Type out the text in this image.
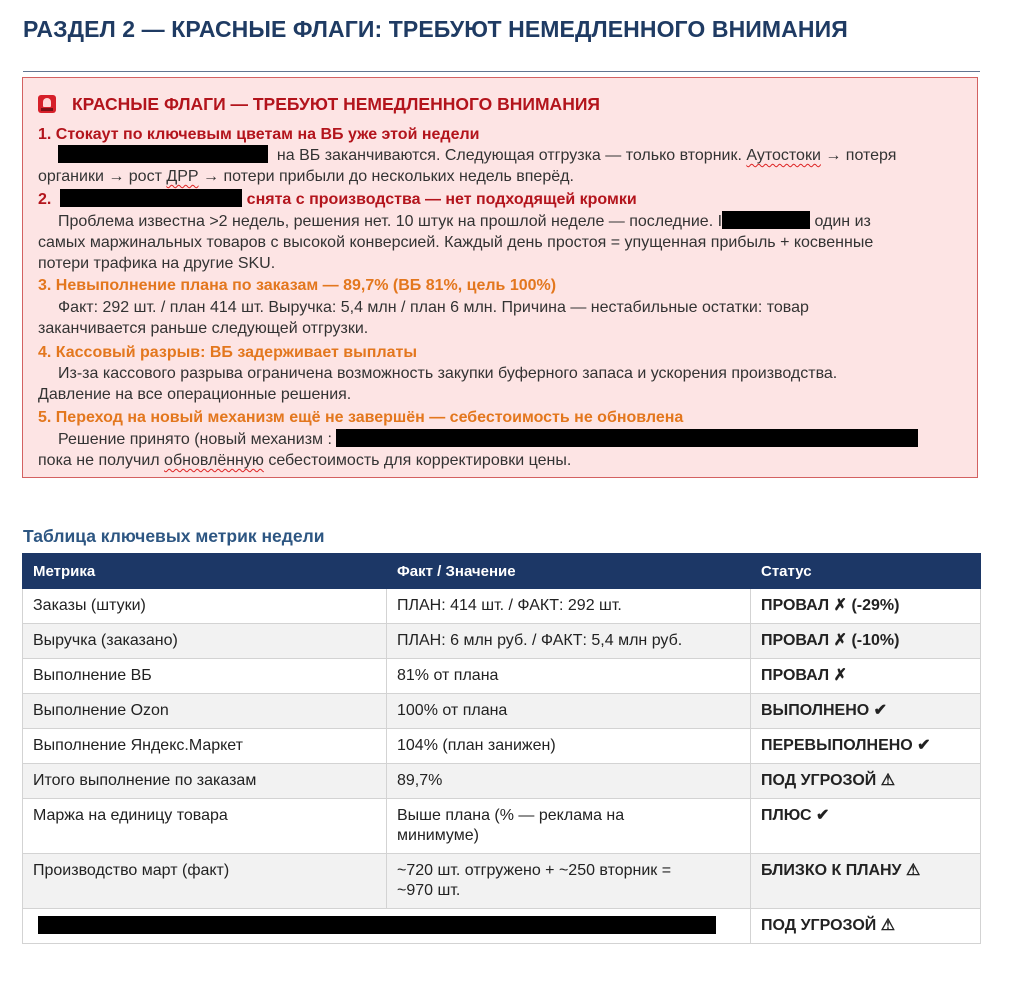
РАЗДЕЛ 2 — КРАСНЫЕ ФЛАГИ: ТРЕБУЮТ НЕМЕДЛЕННОГО ВНИМАНИЯ
КРАСНЫЕ ФЛАГИ — ТРЕБУЮТ НЕМЕДЛЕННОГО ВНИМАНИЯ
1. Стокаут по ключевым цветам на ВБ уже этой недели
на ВБ заканчиваются. Следующая отгрузка — только вторник. Аутостоки → потеря
органики → рост ДРР → потери прибыли до нескольких недель вперёд.
2.	снята с производства — нет подходящей кромки
Проблема известна >2 недель, решения нет. 10 штук на прошлой неделе — последние. I	один из
самых маржинальных товаров с высокой конверсией. Каждый день простоя = упущенная прибыль + косвенные
потери трафика на другие SKU.
3. Невыполнение плана по заказам — 89,7% (ВБ 81%, цель 100%)
Факт: 292 шт. / план 414 шт. Выручка: 5,4 млн / план 6 млн. Причина — нестабильные остатки: товар
заканчивается раньше следующей отгрузки.
4. Кассовый разрыв: ВБ задерживает выплаты
Из-за кассового разрыва ограничена возможность закупки буферного запаса и ускорения производства.
Давление на все операционные решения.
5. Переход на новый механизм ещё не завершён — себестоимость не обновлена
Решение принято (новый механизм :
пока не получил обновлённую себестоимость для корректировки цены.
Таблица ключевых метрик недели
Метрика	Факт / Значение	Статус
Заказы (штуки)	ПЛАН: 414 шт. / ФАКТ: 292 шт.	ПРОВАЛ ✗ (-29%)
Выручка (заказано)	ПЛАН: 6 млн руб. / ФАКТ: 5,4 млн руб.	ПРОВАЛ ✗ (-10%)
Выполнение ВБ	81% от плана	ПРОВАЛ ✗
Выполнение Ozon	100% от плана	ВЫПОЛНЕНО ✔
Выполнение Яндекс.Маркет	104% (план занижен)	ПЕРЕВЫПОЛНЕНО ✔
Итого выполнение по заказам	89,7%	ПОД УГРОЗОЙ ⚠
Маржа на единицу товара	Выше плана (% — реклама на
минимуме)	ПЛЮС ✔
Производство март (факт)	~720 шт. отгружено + ~250 вторник =
~970 шт.	БЛИЗКО К ПЛАНУ ⚠
		ПОД УГРОЗОЙ ⚠
